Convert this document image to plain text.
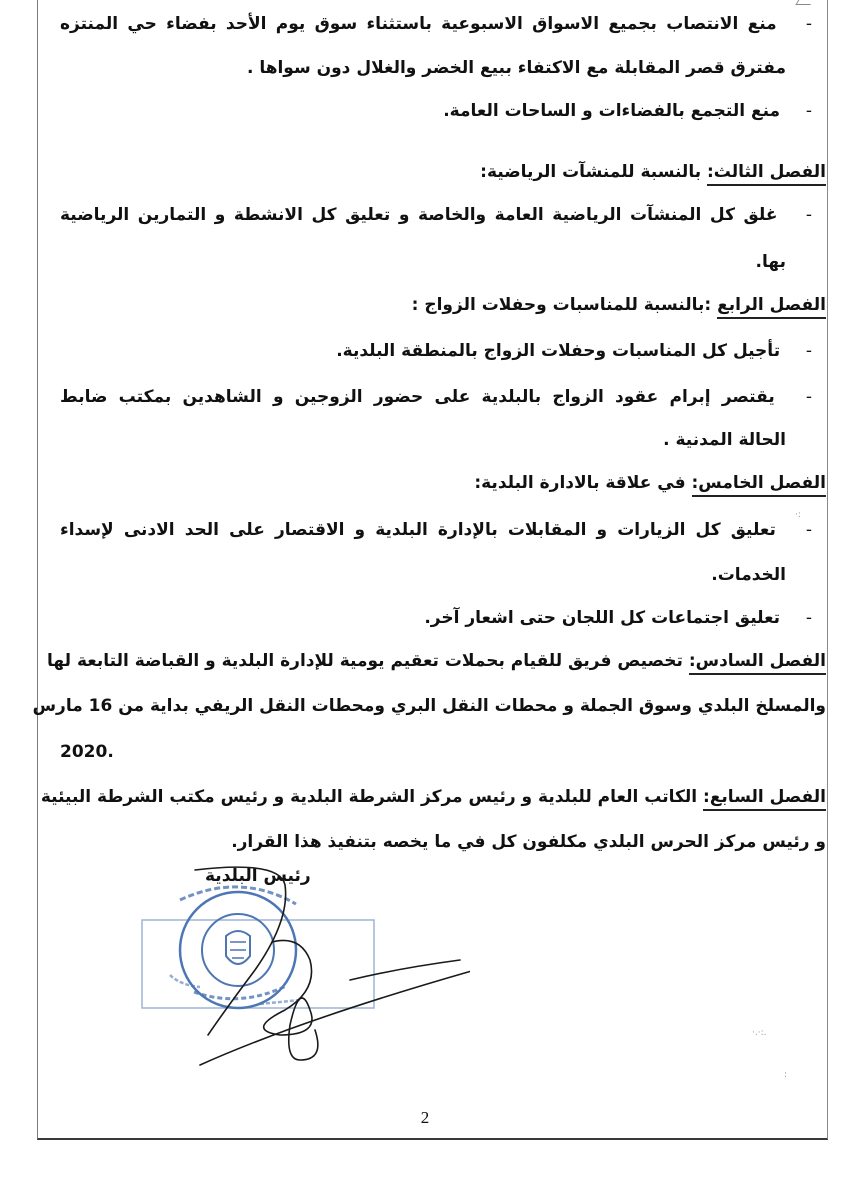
- منع الانتصاب بجميع الاسواق الاسبوعية باستثناء سوق يوم الأحد بفضاء حي المنتزه
مفترق قصر المقابلة مع الاكتفاء ببيع الخضر والغلال دون سواها .
- منع التجمع بالفضاءات و الساحات العامة.
الفصل الثالث: بالنسبة للمنشآت الرياضية:
- غلق كل المنشآت الرياضية العامة والخاصة و تعليق كل الانشطة و التمارين الرياضية
بها.
الفصل الرابع :بالنسبة للمناسبات وحفلات الزواج :
- تأجيل كل المناسبات وحفلات الزواج بالمنطقة البلدية.
- يقتصر إبرام عقود الزواج بالبلدية على حضور الزوجين و الشاهدين بمكتب ضابط
الحالة المدنية .
الفصل الخامس: في علاقة بالادارة البلدية:
- تعليق كل الزيارات و المقابلات بالإدارة البلدية و الاقتصار على الحد الادنى لإسداء
الخدمات.
- تعليق اجتماعات كل اللجان حتى اشعار آخر.
الفصل السادس: تخصيص فريق للقيام بحملات تعقيم يومية للإدارة البلدية و القباضة التابعة لها
والمسلخ البلدي وسوق الجملة و محطات النقل البري ومحطات النقل الريفي بداية من 16 مارس
.2020
الفصل السابع: الكاتب العام للبلدية و رئيس مركز الشرطة البلدية و رئيس مكتب الشرطة البيئية
و رئيس مركز الحرس البلدي مكلفون كل في ما يخصه بتنفيذ هذا القرار.
رئيس البلدية
·.·:.
:
·:
2
